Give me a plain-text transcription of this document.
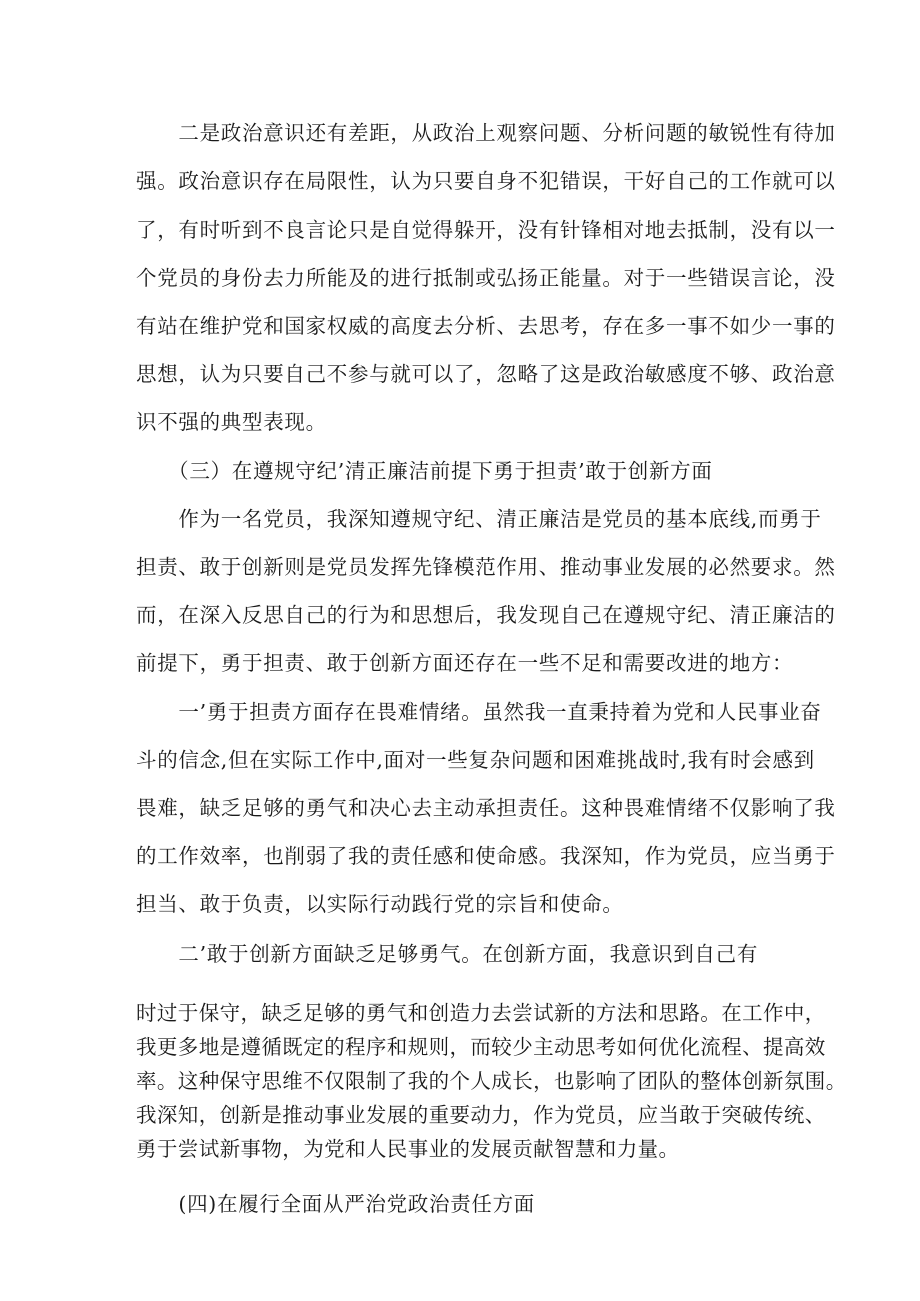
　　二是政治意识还有差距，从政治上观察问题、分析问题的敏锐性有待加
强。政治意识存在局限性，认为只要自身不犯错误，干好自己的工作就可以
了，有时听到不良言论只是自觉得躲开，没有针锋相对地去抵制，没有以一
个党员的身份去力所能及的进行抵制或弘扬正能量。对于一些错误言论，没
有站在维护党和国家权威的高度去分析、去思考，存在多一事不如少一事的
思想，认为只要自己不参与就可以了，忽略了这是政治敏感度不够、政治意
识不强的典型表现。
　　（三）在遵规守纪’清正廉洁前提下勇于担责’敢于创新方面
　　作为一名党员，我深知遵规守纪、清正廉洁是党员的基本底线,而勇于
担责、敢于创新则是党员发挥先锋模范作用、推动事业发展的必然要求。然
而，在深入反思自己的行为和思想后，我发现自己在遵规守纪、清正廉洁的
前提下，勇于担责、敢于创新方面还存在一些不足和需要改进的地方：
　　一’勇于担责方面存在畏难情绪。虽然我一直秉持着为党和人民事业奋
斗的信念,但在实际工作中,面对一些复杂问题和困难挑战时,我有时会感到
畏难，缺乏足够的勇气和决心去主动承担责任。这种畏难情绪不仅影响了我
的工作效率，也削弱了我的责任感和使命感。我深知，作为党员，应当勇于
担当、敢于负责，以实际行动践行党的宗旨和使命。
　　二’敢于创新方面缺乏足够勇气。在创新方面，我意识到自己有
时过于保守，缺乏足够的勇气和创造力去尝试新的方法和思路。在工作中，
我更多地是遵循既定的程序和规则，而较少主动思考如何优化流程、提高效
率。这种保守思维不仅限制了我的个人成长，也影响了团队的整体创新氛围。
我深知，创新是推动事业发展的重要动力，作为党员，应当敢于突破传统、
勇于尝试新事物，为党和人民事业的发展贡献智慧和力量。
　　(四)在履行全面从严治党政治责任方面
